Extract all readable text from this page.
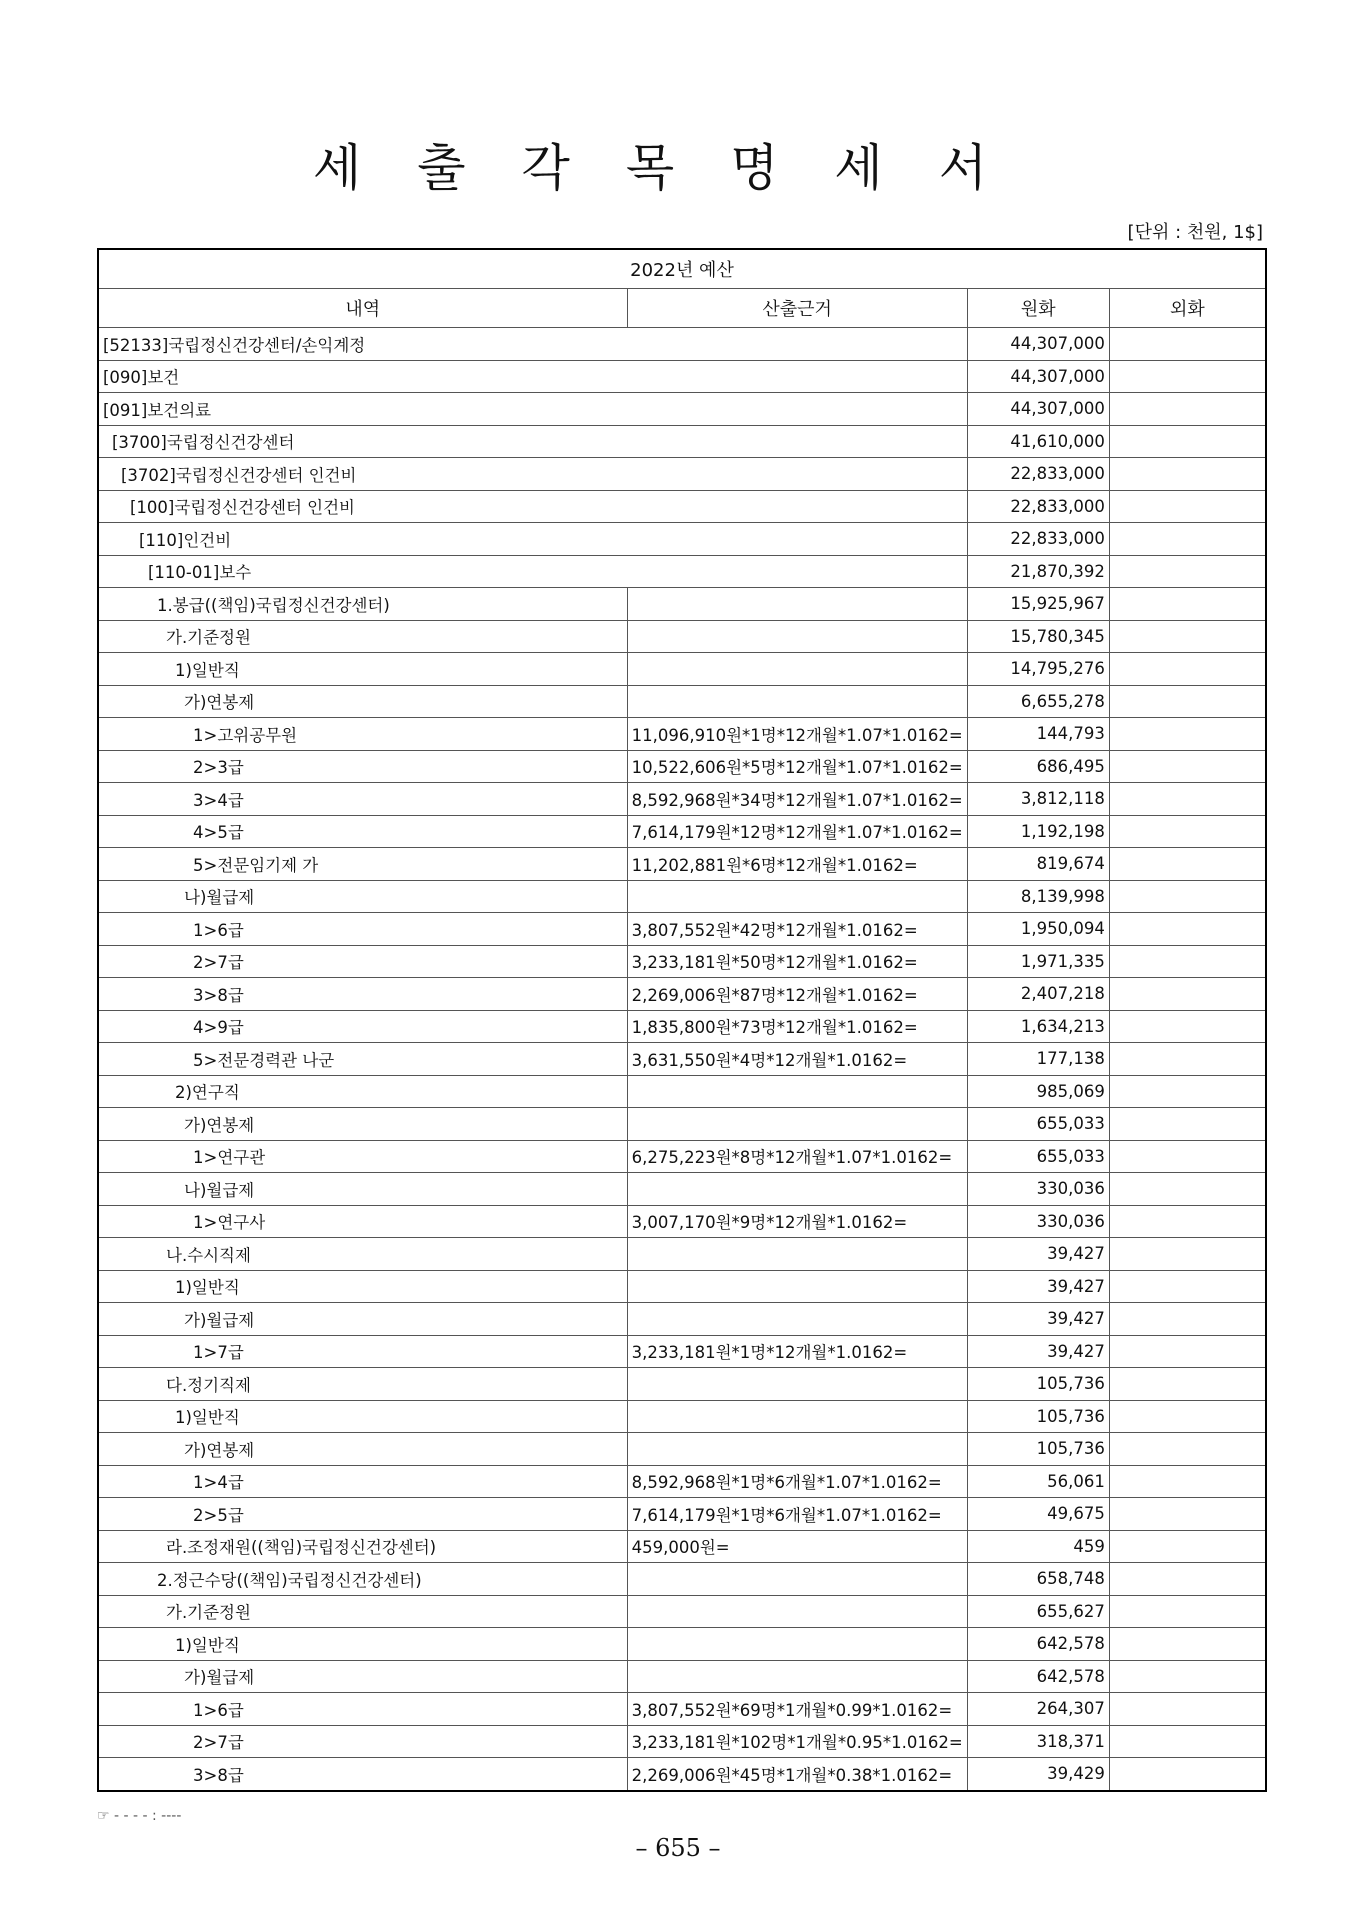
세출각목명세서
[단위 : 천원, 1$]
2022년 예산			
내역	산출근거	원화	외화
[52133]국립정신건강센터/손익계정		44,307,000	
[090]보건		44,307,000	
[091]보건의료		44,307,000	
[3700]국립정신건강센터		41,610,000	
[3702]국립정신건강센터 인건비		22,833,000	
[100]국립정신건강센터 인건비		22,833,000	
[110]인건비		22,833,000	
[110-01]보수		21,870,392	
1.봉급((책임)국립정신건강센터)		15,925,967	
가.기준정원		15,780,345	
1)일반직		14,795,276	
가)연봉제		6,655,278	
1>고위공무원	11,096,910원*1명*12개월*1.07*1.0162=	144,793	
2>3급	10,522,606원*5명*12개월*1.07*1.0162=	686,495	
3>4급	8,592,968원*34명*12개월*1.07*1.0162=	3,812,118	
4>5급	7,614,179원*12명*12개월*1.07*1.0162=	1,192,198	
5>전문임기제 가	11,202,881원*6명*12개월*1.0162=	819,674	
나)월급제		8,139,998	
1>6급	3,807,552원*42명*12개월*1.0162=	1,950,094	
2>7급	3,233,181원*50명*12개월*1.0162=	1,971,335	
3>8급	2,269,006원*87명*12개월*1.0162=	2,407,218	
4>9급	1,835,800원*73명*12개월*1.0162=	1,634,213	
5>전문경력관 나군	3,631,550원*4명*12개월*1.0162=	177,138	
2)연구직		985,069	
가)연봉제		655,033	
1>연구관	6,275,223원*8명*12개월*1.07*1.0162=	655,033	
나)월급제		330,036	
1>연구사	3,007,170원*9명*12개월*1.0162=	330,036	
나.수시직제		39,427	
1)일반직		39,427	
가)월급제		39,427	
1>7급	3,233,181원*1명*12개월*1.0162=	39,427	
다.정기직제		105,736	
1)일반직		105,736	
가)연봉제		105,736	
1>4급	8,592,968원*1명*6개월*1.07*1.0162=	56,061	
2>5급	7,614,179원*1명*6개월*1.07*1.0162=	49,675	
라.조정재원((책임)국립정신건강센터)	459,000원=	459	
2.정근수당((책임)국립정신건강센터)		658,748	
가.기준정원		655,627	
1)일반직		642,578	
가)월급제		642,578	
1>6급	3,807,552원*69명*1개월*0.99*1.0162=	264,307	
2>7급	3,233,181원*102명*1개월*0.95*1.0162=	318,371	
3>8급	2,269,006원*45명*1개월*0.38*1.0162=	39,429	
☞ - - - - : ----
– 655 –
